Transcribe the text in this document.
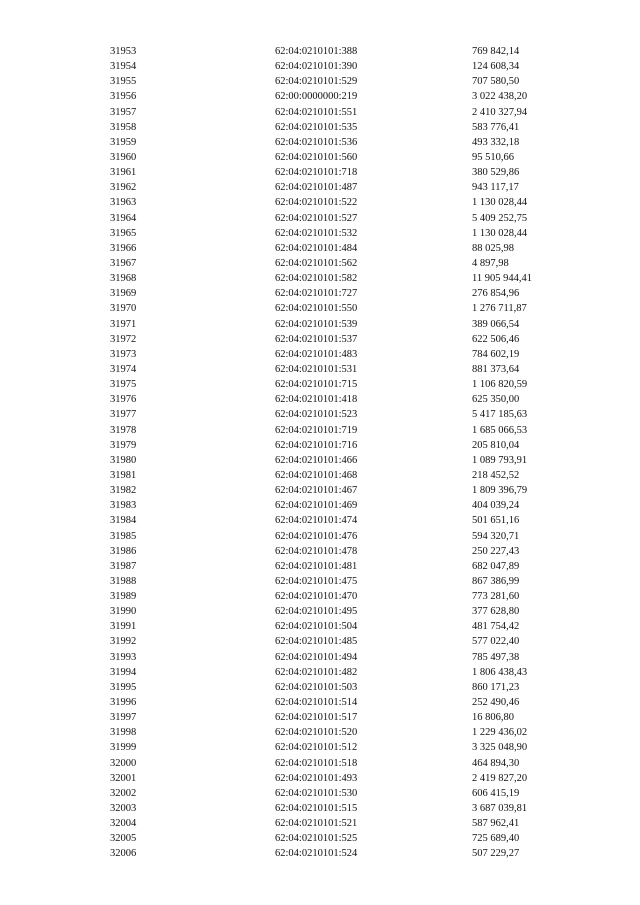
31953	62:04:0210101:388	769 842,14
31954	62:04:0210101:390	124 608,34
31955	62:04:0210101:529	707 580,50
31956	62:00:0000000:219	3 022 438,20
31957	62:04:0210101:551	2 410 327,94
31958	62:04:0210101:535	583 776,41
31959	62:04:0210101:536	493 332,18
31960	62:04:0210101:560	95 510,66
31961	62:04:0210101:718	380 529,86
31962	62:04:0210101:487	943 117,17
31963	62:04:0210101:522	1 130 028,44
31964	62:04:0210101:527	5 409 252,75
31965	62:04:0210101:532	1 130 028,44
31966	62:04:0210101:484	88 025,98
31967	62:04:0210101:562	4 897,98
31968	62:04:0210101:582	11 905 944,41
31969	62:04:0210101:727	276 854,96
31970	62:04:0210101:550	1 276 711,87
31971	62:04:0210101:539	389 066,54
31972	62:04:0210101:537	622 506,46
31973	62:04:0210101:483	784 602,19
31974	62:04:0210101:531	881 373,64
31975	62:04:0210101:715	1 106 820,59
31976	62:04:0210101:418	625 350,00
31977	62:04:0210101:523	5 417 185,63
31978	62:04:0210101:719	1 685 066,53
31979	62:04:0210101:716	205 810,04
31980	62:04:0210101:466	1 089 793,91
31981	62:04:0210101:468	218 452,52
31982	62:04:0210101:467	1 809 396,79
31983	62:04:0210101:469	404 039,24
31984	62:04:0210101:474	501 651,16
31985	62:04:0210101:476	594 320,71
31986	62:04:0210101:478	250 227,43
31987	62:04:0210101:481	682 047,89
31988	62:04:0210101:475	867 386,99
31989	62:04:0210101:470	773 281,60
31990	62:04:0210101:495	377 628,80
31991	62:04:0210101:504	481 754,42
31992	62:04:0210101:485	577 022,40
31993	62:04:0210101:494	785 497,38
31994	62:04:0210101:482	1 806 438,43
31995	62:04:0210101:503	860 171,23
31996	62:04:0210101:514	252 490,46
31997	62:04:0210101:517	16 806,80
31998	62:04:0210101:520	1 229 436,02
31999	62:04:0210101:512	3 325 048,90
32000	62:04:0210101:518	464 894,30
32001	62:04:0210101:493	2 419 827,20
32002	62:04:0210101:530	606 415,19
32003	62:04:0210101:515	3 687 039,81
32004	62:04:0210101:521	587 962,41
32005	62:04:0210101:525	725 689,40
32006	62:04:0210101:524	507 229,27
